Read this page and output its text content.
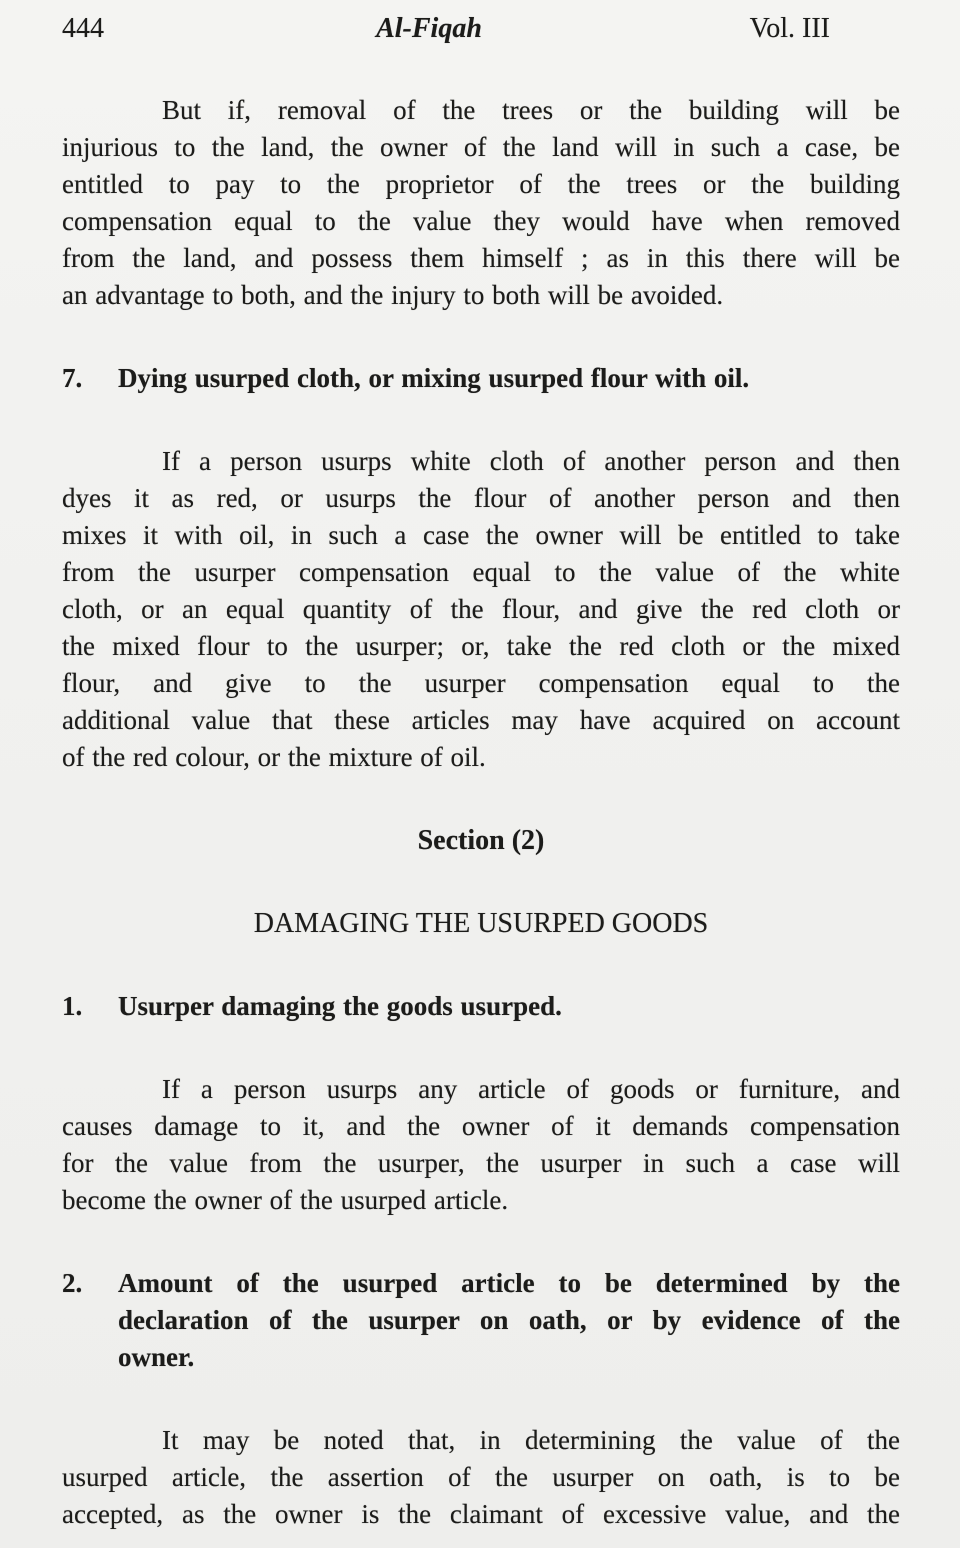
444	Al-Fiqah	Vol. III
But if, removal of the trees or the building will be
injurious to the land, the owner of the land will in such a case, be
entitled to pay to the proprietor of the trees or the building
compensation equal to the value they would have when removed
from the land, and possess them himself ; as in this there will be
an advantage to both, and the injury to both will be avoided.
7.	Dying usurped cloth, or mixing usurped flour with oil.
If a person usurps white cloth of another person and then
dyes it as red, or usurps the flour of another person and then
mixes it with oil, in such a case the owner will be entitled to take
from the usurper compensation equal to the value of the white
cloth, or an equal quantity of the flour, and give the red cloth or
the mixed flour to the usurper; or, take the red cloth or the mixed
flour, and give to the usurper compensation equal to the
additional value that these articles may have acquired on account
of the red colour, or the mixture of oil.
Section (2)
DAMAGING THE USURPED GOODS
1.	Usurper damaging the goods usurped.
If a person usurps any article of goods or furniture, and
causes damage to it, and the owner of it demands compensation
for the value from the usurper, the usurper in such a case will
become the owner of the usurped article.
2.	Amount of the usurped article to be determined by the
declaration of the usurper on oath, or by evidence of the
owner.
It may be noted that, in determining the value of the
usurped article, the assertion of the usurper on oath, is to be
accepted, as the owner is the claimant of excessive value, and the
